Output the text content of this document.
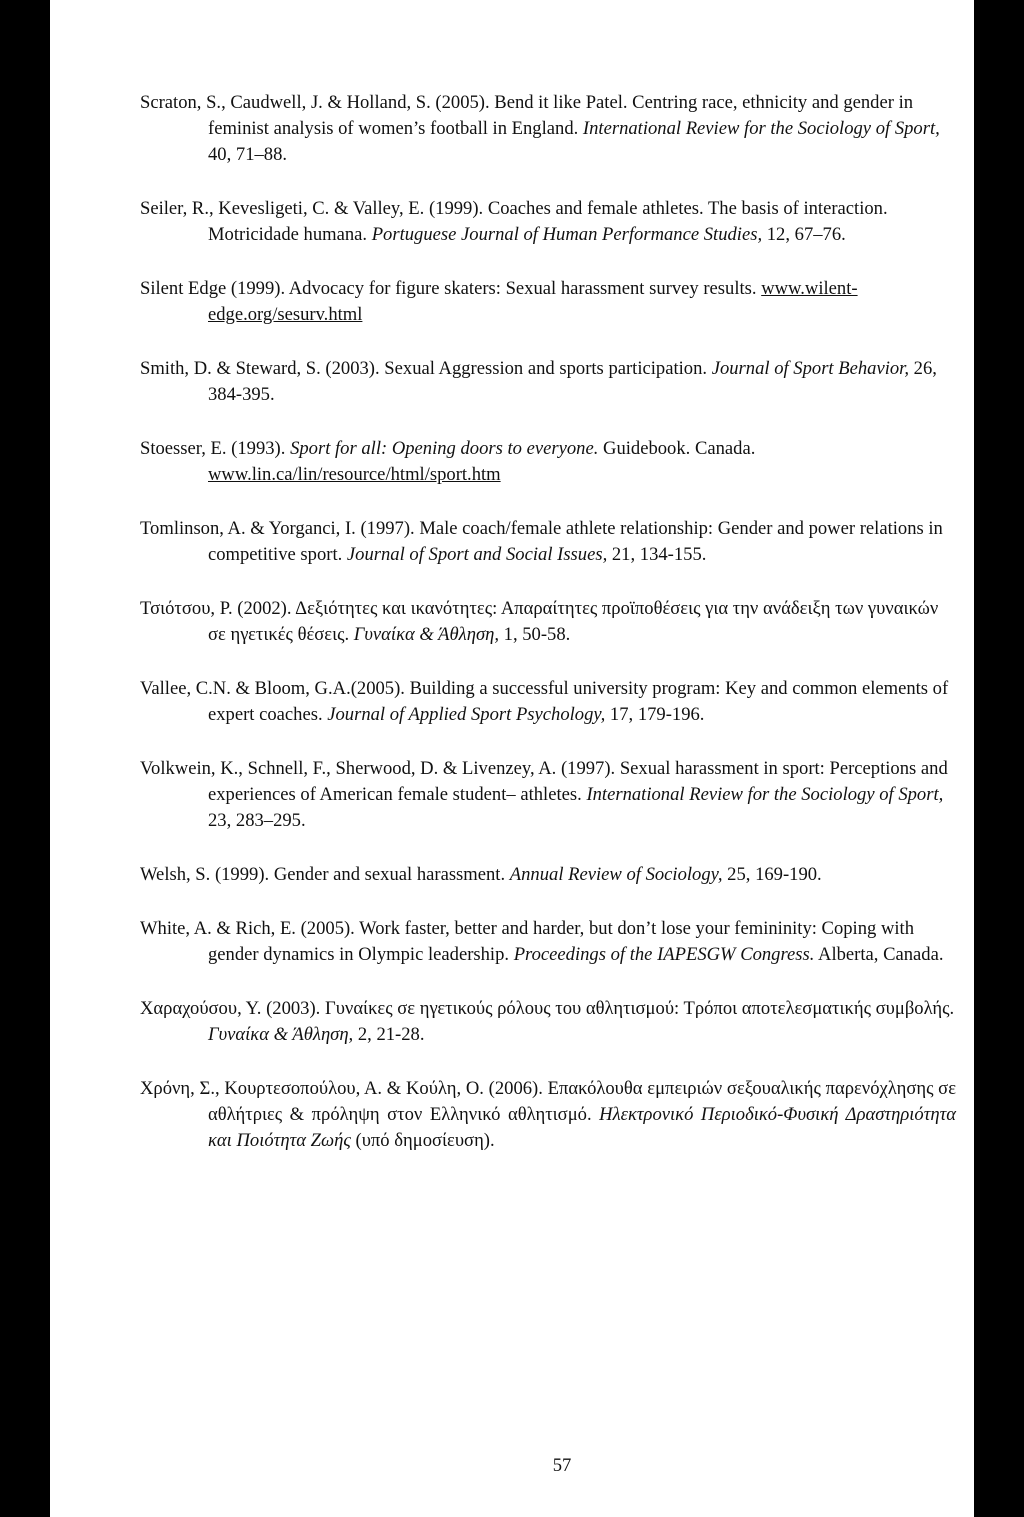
Scraton, S., Caudwell, J. & Holland, S. (2005). Bend it like Patel. Centring race, ethnicity and gender in feminist analysis of women’s football in England. International Review for the Sociology of Sport, 40, 71–88.

Seiler, R., Kevesligeti, C. & Valley, E. (1999). Coaches and female athletes. The basis of interaction. Motricidade humana. Portuguese Journal of Human Performance Studies, 12, 67–76.

Silent Edge (1999). Advocacy for figure skaters: Sexual harassment survey results. www.wilent-edge.org/sesurv.html

Smith, D. & Steward, S. (2003). Sexual Aggression and sports participation. Journal of Sport Behavior, 26, 384-395.

Stoesser, E. (1993). Sport for all: Opening doors to everyone. Guidebook. Canada. www.lin.ca/lin/resource/html/sport.htm

Tomlinson, A. & Yorganci, I. (1997). Male coach/female athlete relationship: Gender and power relations in competitive sport. Journal of Sport and Social Issues, 21, 134-155.

Τσιότσου, Ρ. (2002). Δεξιότητες και ικανότητες: Απαραίτητες προϊποθέσεις για την ανάδειξη των γυναικών σε ηγετικές θέσεις. Γυναίκα & Άθληση, 1, 50-58.

Vallee, C.N. & Bloom, G.A.(2005). Building a successful university program: Key and common elements of expert coaches. Journal of Applied Sport Psychology, 17, 179-196.

Volkwein, K., Schnell, F., Sherwood, D. & Livenzey, A. (1997). Sexual harassment in sport: Perceptions and experiences of American female student– athletes. International Review for the Sociology of Sport, 23, 283–295.

Welsh, S. (1999). Gender and sexual harassment. Annual Review of Sociology, 25, 169-190.

White, A. & Rich, E. (2005). Work faster, better and harder, but don’t lose your femininity: Coping with gender dynamics in Olympic leadership. Proceedings of the IAPESGW Congress. Alberta, Canada.

Χαραχούσου, Υ. (2003). Γυναίκες σε ηγετικούς ρόλους του αθλητισμού: Τρόποι αποτελεσματικής συμβολής. Γυναίκα & Άθληση, 2, 21-28.

Χρόνη, Σ., Κουρτεσοπούλου, Α. & Κούλη, Ο. (2006). Επακόλουθα εμπειριών σεξουαλικής παρενόχλησης σε αθλήτριες & πρόληψη στον Ελληνικό αθλητισμό. Ηλεκτρονικό Περιοδικό-Φυσική Δραστηριότητα και Ποιότητα Ζωής (υπό δημοσίευση).

57
